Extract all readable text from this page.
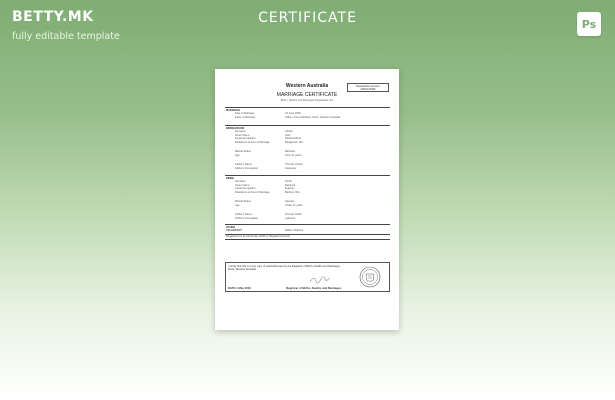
BETTY.MK
fully editable template
CERTIFICATE	Ps
Registration Number
2000/123456
Western Australia
MARRIAGE CERTIFICATE
Births, Deaths and Marriages Registration Act
MARRIAGE
Date of Marriage	22 June 2000
Place of Marriage	Office of the Celebrant, Perth, Western Australia
BRIDEGROOM
Surname	Citizen
Given Name	John
Usual Occupation	Student/Other
Residence at time of Marriage	Bridgetown WA
Marital Status	Bachelor
Age	Over 21 years
Father's Name	Thomas Citizen
Father's Occupation	Carpenter
BRIDE
Surname	Smith
Given Name	Rebecca
Usual Occupation	Teacher
Residence at time of Marriage	Bunbury WA
Marital Status	Spinster
Age	Under 21 years
Father's Name	Thomas Smith
Father's Occupation	Labourer
OTHER
CELEBRANT	William Roberts
Registered on 21 November 2000 by Registrar General
I certify that this is a true copy of particulars kept by the Registrar of Births, Deaths and Marriages, Perth, Western Australia.
DATE 1 May 2016	Registrar of Births, Deaths and Marriages
